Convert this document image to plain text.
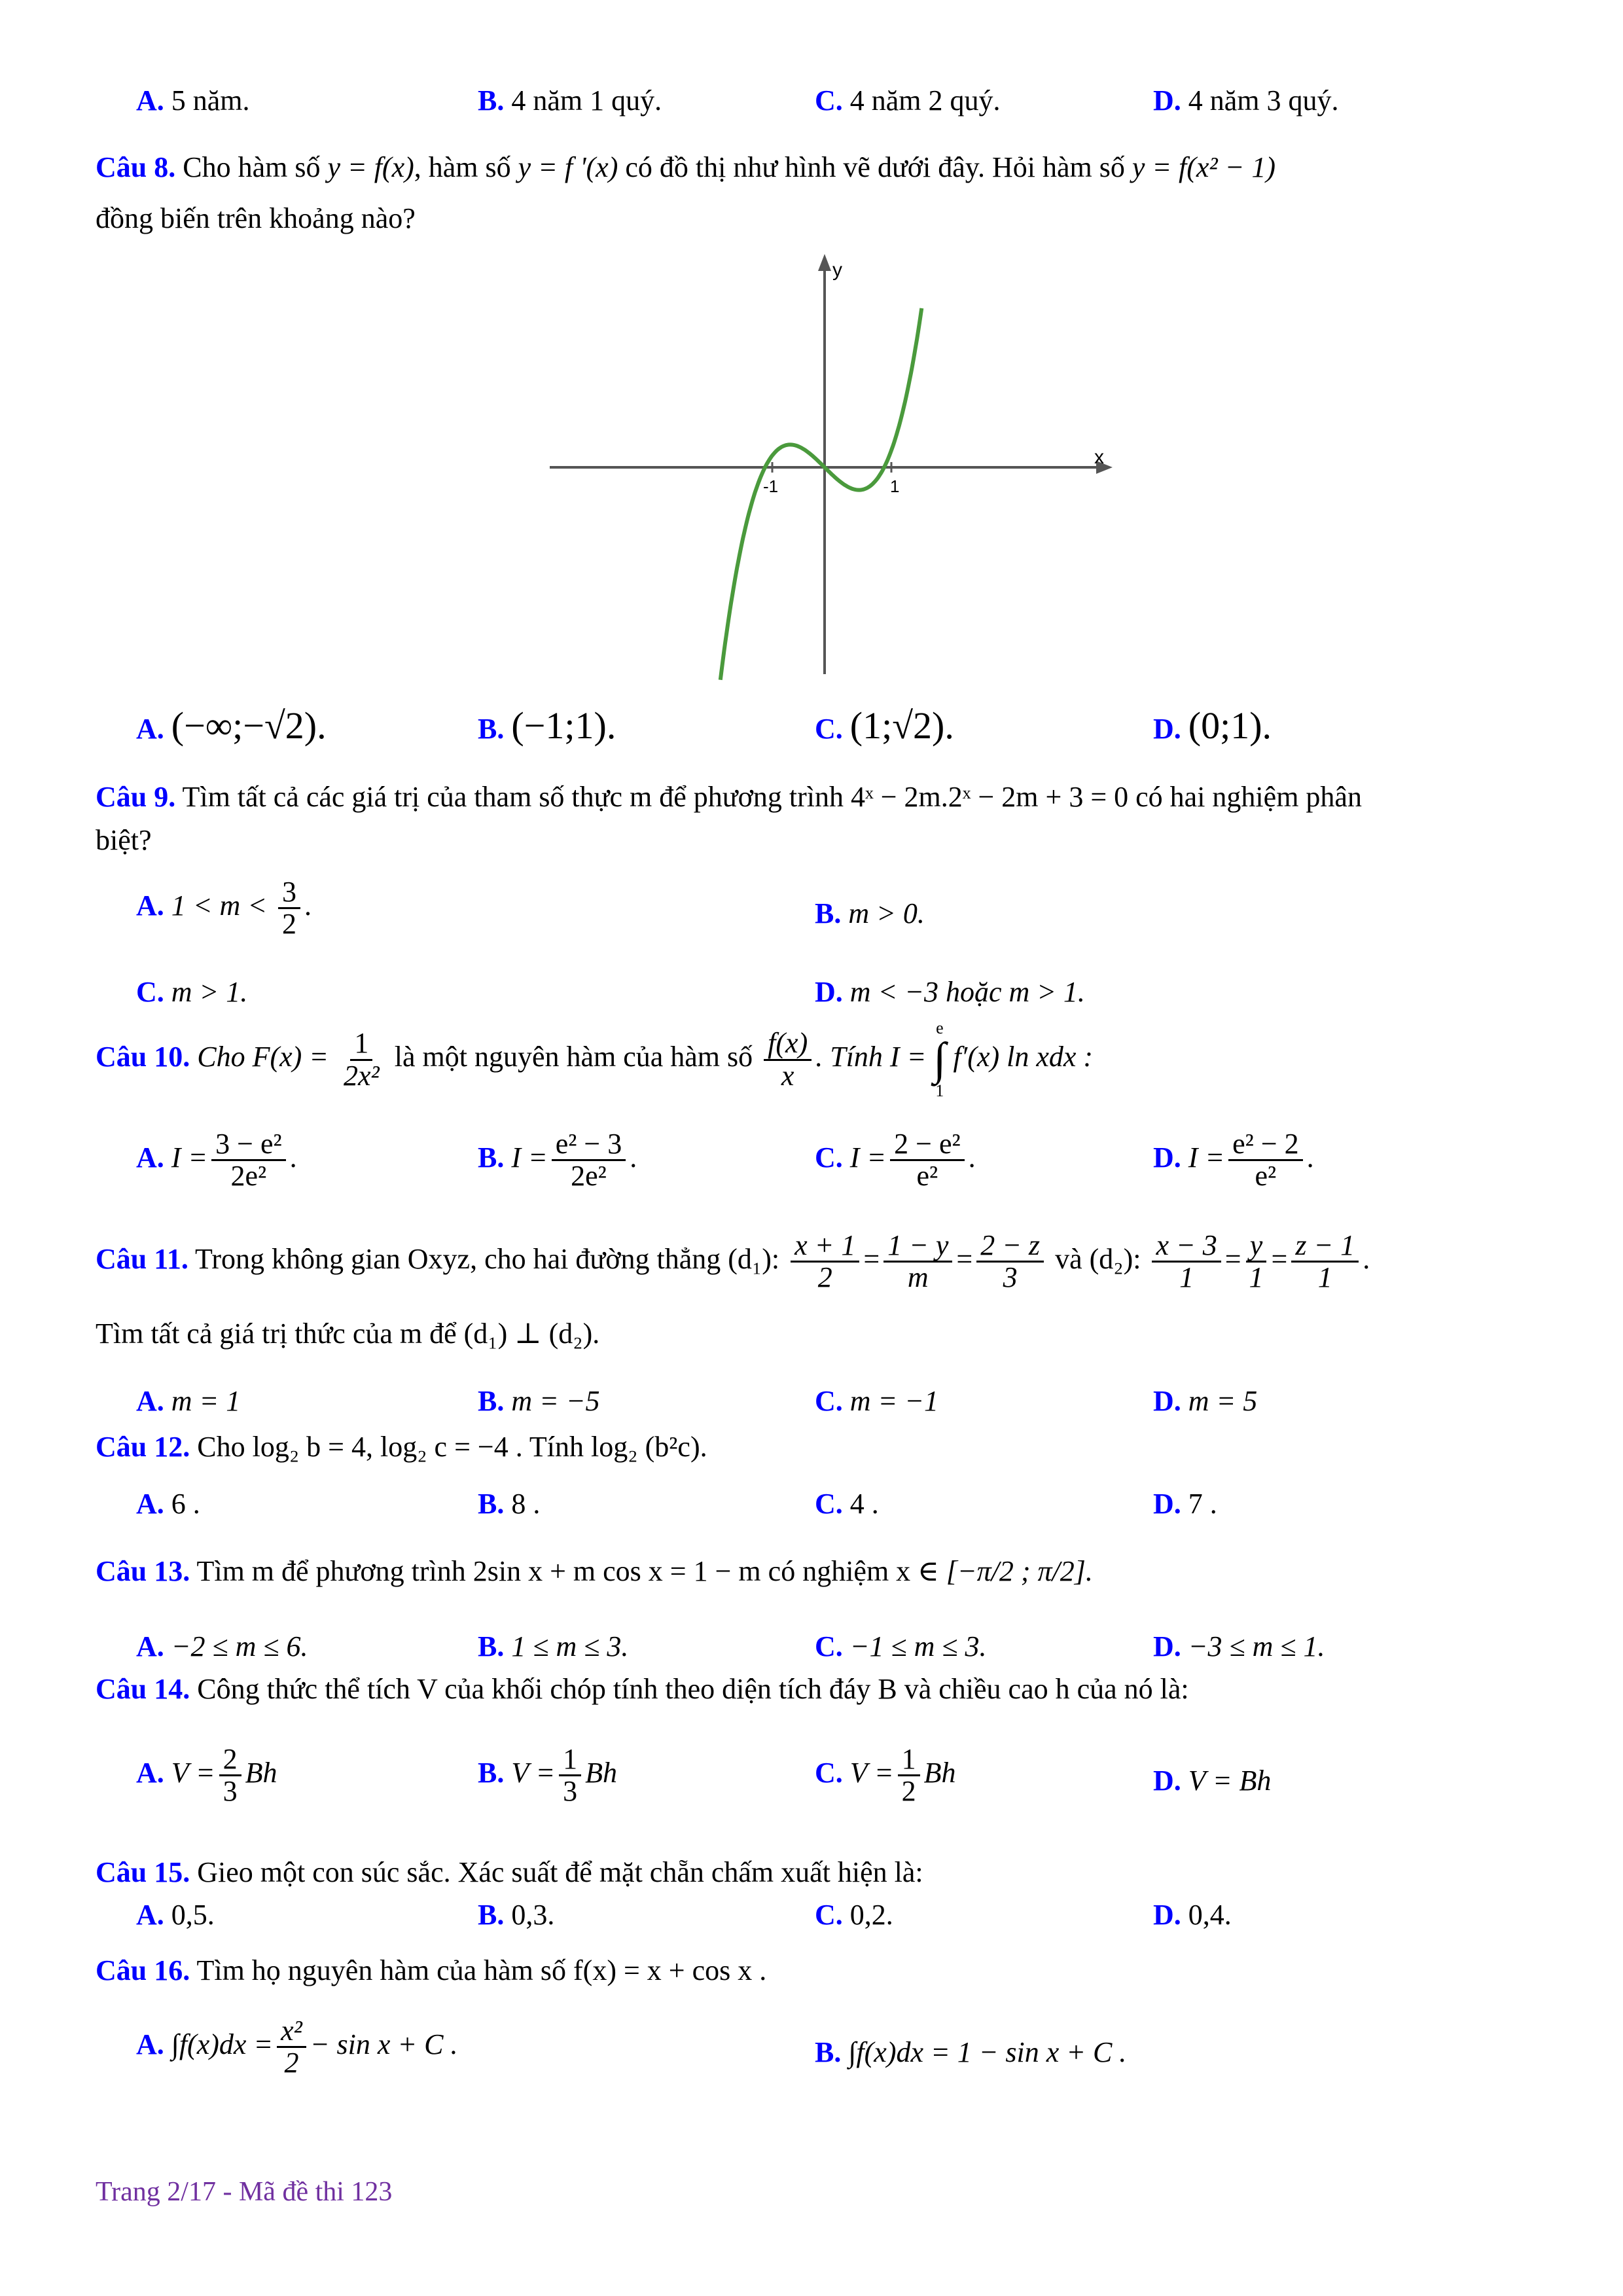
A. 5 năm.	B. 4 năm 1 quý.	C. 4 năm 2 quý.	D. 4 năm 3 quý.
Câu 8. Cho hàm số y = f(x), hàm số y = f '(x) có đồ thị như hình vẽ dưới đây. Hỏi hàm số y = f(x² − 1)
đồng biến trên khoảng nào?
y
x
-1	1
A. (−∞;−√2).	B. (−1;1).	C. (1;√2).	D. (0;1).
Câu 9. Tìm tất cả các giá trị của tham số thực m để phương trình 4ˣ − 2m.2ˣ − 2m + 3 = 0 có hai nghiệm phân
biệt?
A. $1 < m < \frac{3}{2}$ .	B. m > 0.
C. m > 1.	D. m < −3 hoặc m > 1.
Câu 10. Cho $F(x) = \frac{1}{\text{2x²}}$ là một nguyên hàm của hàm số $\frac{f(x)}{x}$ . Tính I =
e
∫
1
f′(x) ln xdx :
A. $I = \frac{\text{3 − e²}}{\text{2e²}}$ .	B. $I = \frac{\text{e² − 3}}{\text{2e²}}$ .	C. $I = \frac{\text{2 − e²}}{\text{e²}}$ .	D. $I = \frac{\text{e² − 2}}{\text{e²}}$ .
Câu 11. Trong không gian Oxyz, cho hai đường thẳng (d₁): $\frac{x + 1}{2} = \frac{1 - y}{m} = \frac{2 - z}{3}$ và (d₂): $\frac{x - 3}{1} = \frac{y}{1} = \frac{z - 1}{1}$ .
Tìm tất cả giá trị thức của m để (d₁) ⊥ (d₂).
A. m = 1	B. m = −5	C. m = −1	D. m = 5
Câu 12. Cho log₂ b = 4, log₂ c = −4 . Tính log₂ (b²c).
A. 6 .	B. 8 .	C. 4 .	D. 7 .
Câu 13. Tìm m để phương trình 2sin x + m cos x = 1 − m có nghiệm x ∈ [−π/2 ; π/2].
A. −2 ≤ m ≤ 6.	B. 1 ≤ m ≤ 3.	C. −1 ≤ m ≤ 3.	D. −3 ≤ m ≤ 1.
Câu 14. Công thức thể tích V của khối chóp tính theo diện tích đáy B và chiều cao h của nó là:
A. $V = \frac{2}{3}$ Bh	B. $V = \frac{1}{3}$ Bh	C. $V = \frac{1}{2}$ Bh	D. V = Bh
Câu 15. Gieo một con súc sắc. Xác suất để mặt chẵn chấm xuất hiện là:
A. 0,5.	B. 0,3.	C. 0,2.	D. 0,4.
Câu 16. Tìm họ nguyên hàm của hàm số f(x) = x + cos x .
A. $\int f(x)dx = \frac{\text{x²}}{2} - \sin x + C$ .	B. ∫f(x)dx = 1 − sin x + C .
Trang 2/17 - Mã đề thi 123
